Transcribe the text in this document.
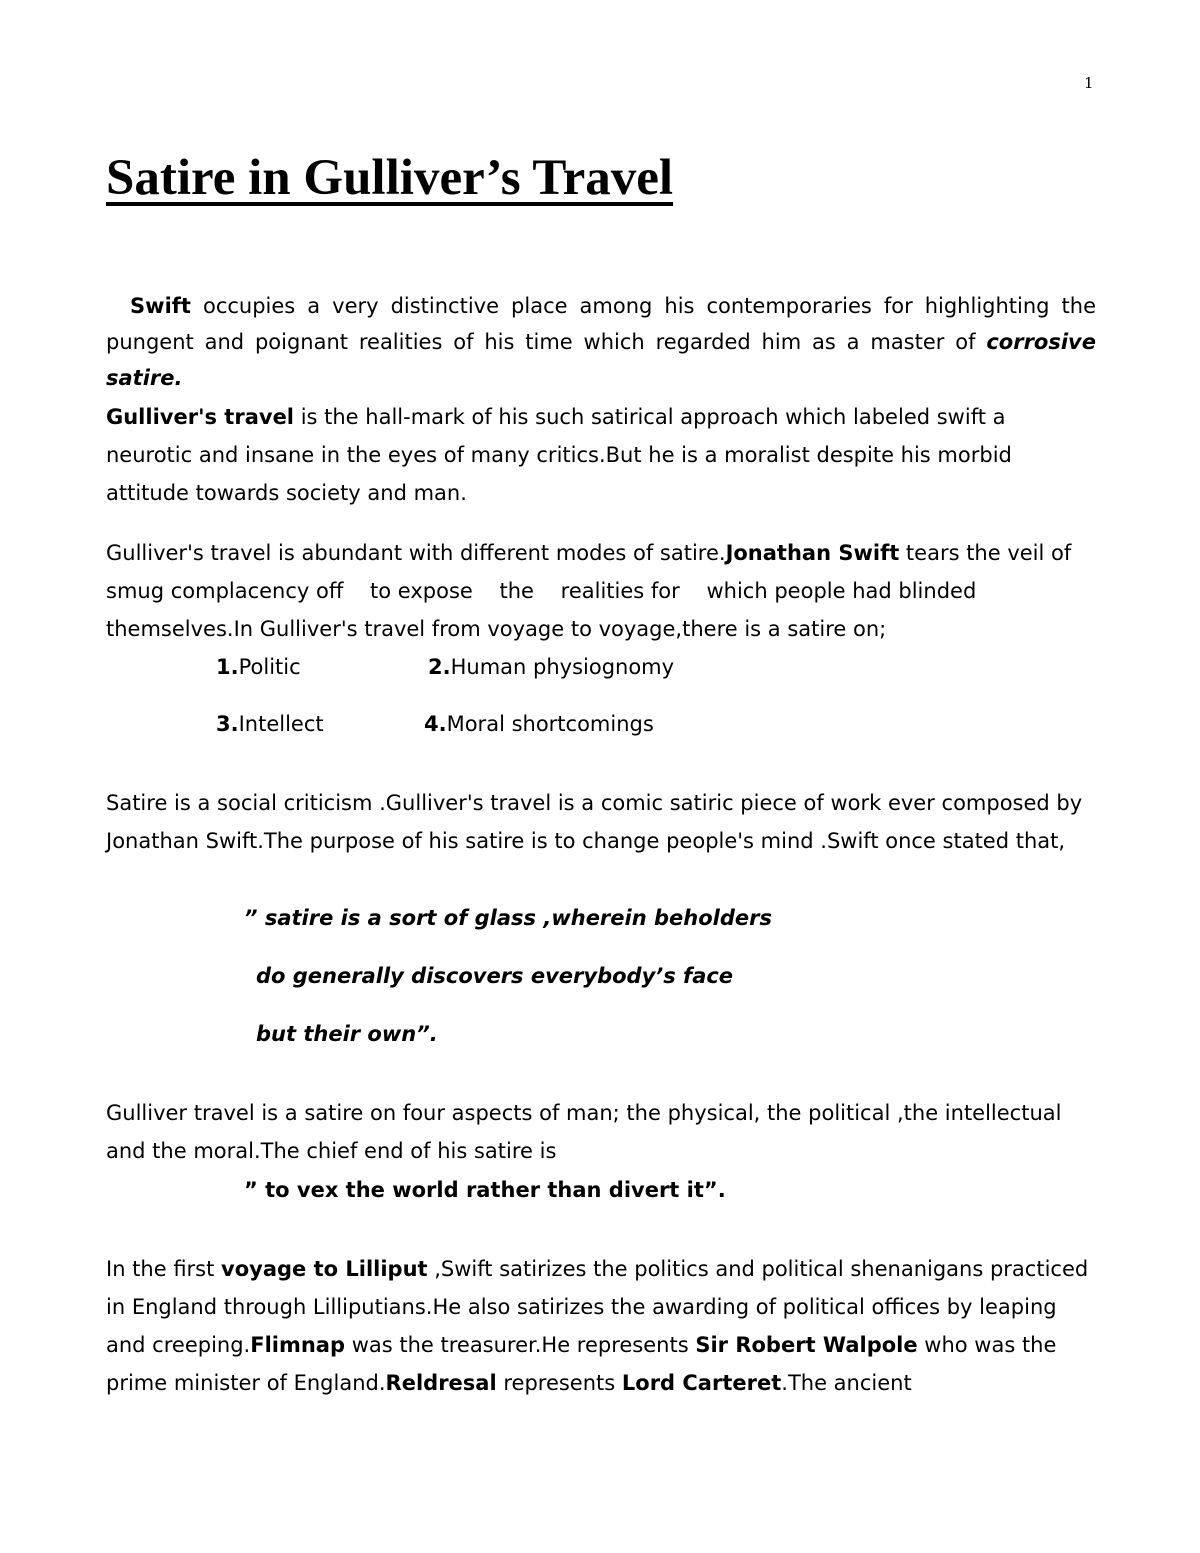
1
Satire in Gulliver’s Travel

Swift occupies a very distinctive place among his contemporaries for highlighting the pungent and poignant realities of his time which regarded him as a master of corrosive satire.

Gulliver's travel is the hall-mark of his such satirical approach which labeled swift a neurotic and insane in the eyes of many critics.But he is a moralist despite his morbid attitude towards society and man.

Gulliver's travel is abundant with different modes of satire.Jonathan Swift tears the veil of smug complacency off    to expose    the    realities for    which people had blinded themselves.In Gulliver's travel from voyage to voyage,there is a satire on;

1.Politic	2.Human physiognomy
3.Intellect	4.Moral shortcomings

Satire is a social criticism .Gulliver's travel is a comic satiric piece of work ever composed by Jonathan Swift.The purpose of his satire is to change people's mind .Swift once stated that,

” satire is a sort of glass ,wherein beholders
do generally discovers everybody’s face
but their own”.

Gulliver travel is a satire on four aspects of man; the physical, the political ,the intellectual and the moral.The chief end of his satire is

” to vex the world rather than divert it”.

In the first voyage to Lilliput ,Swift satirizes the politics and political shenanigans practiced in England through Lilliputians.He also satirizes the awarding of political offices by leaping and creeping.Flimnap was the treasurer.He represents Sir Robert Walpole who was the prime minister of England.Reldresal represents Lord Carteret.The ancient
